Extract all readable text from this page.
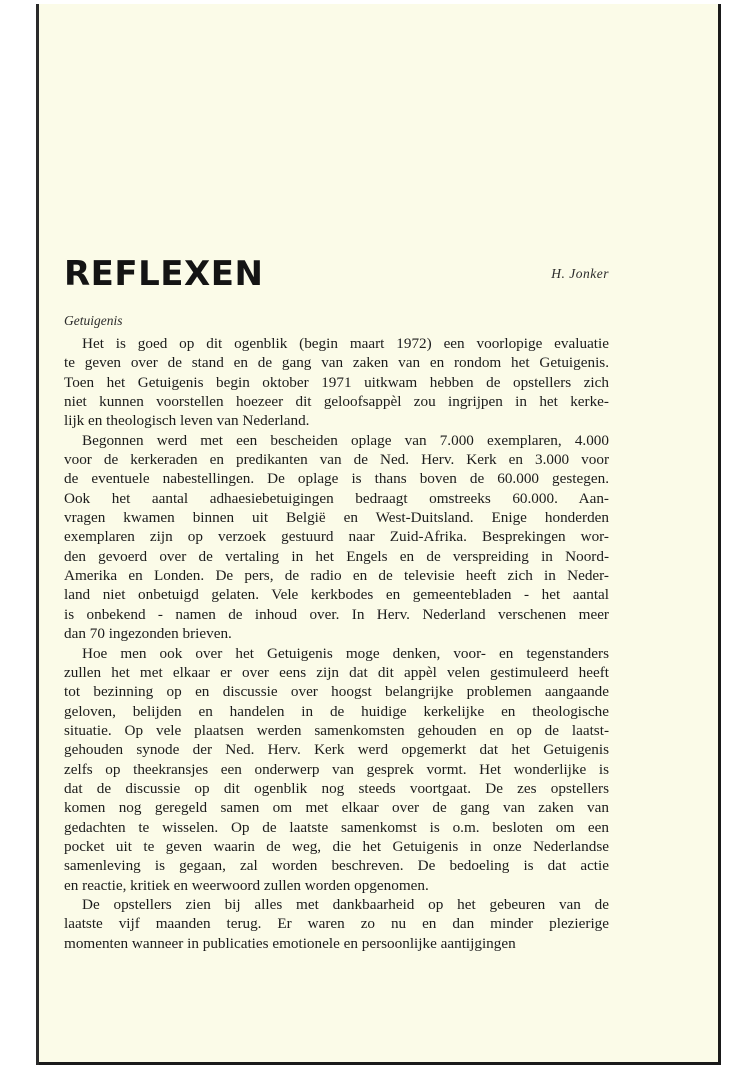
REFLEXEN	H. Jonker
Getuigenis
Het is goed op dit ogenblik (begin maart 1972) een voorlopige evaluatie
te geven over de stand en de gang van zaken van en rondom het Getuigenis.
Toen het Getuigenis begin oktober 1971 uitkwam hebben de opstellers zich
niet kunnen voorstellen hoezeer dit geloofsappèl zou ingrijpen in het kerke-
lijk en theologisch leven van Nederland.
Begonnen werd met een bescheiden oplage van 7.000 exemplaren, 4.000
voor de kerkeraden en predikanten van de Ned. Herv. Kerk en 3.000 voor
de eventuele nabestellingen. De oplage is thans boven de 60.000 gestegen.
Ook het aantal adhaesiebetuigingen bedraagt omstreeks 60.000. Aan-
vragen kwamen binnen uit België en West-Duitsland. Enige honderden
exemplaren zijn op verzoek gestuurd naar Zuid-Afrika. Besprekingen wor-
den gevoerd over de vertaling in het Engels en de verspreiding in Noord-
Amerika en Londen. De pers, de radio en de televisie heeft zich in Neder-
land niet onbetuigd gelaten. Vele kerkbodes en gemeentebladen - het aantal
is onbekend - namen de inhoud over. In Herv. Nederland verschenen meer
dan 70 ingezonden brieven.
Hoe men ook over het Getuigenis moge denken, voor- en tegenstanders
zullen het met elkaar er over eens zijn dat dit appèl velen gestimuleerd heeft
tot bezinning op en discussie over hoogst belangrijke problemen aangaande
geloven, belijden en handelen in de huidige kerkelijke en theologische
situatie. Op vele plaatsen werden samenkomsten gehouden en op de laatst-
gehouden synode der Ned. Herv. Kerk werd opgemerkt dat het Getuigenis
zelfs op theekransjes een onderwerp van gesprek vormt. Het wonderlijke is
dat de discussie op dit ogenblik nog steeds voortgaat. De zes opstellers
komen nog geregeld samen om met elkaar over de gang van zaken van
gedachten te wisselen. Op de laatste samenkomst is o.m. besloten om een
pocket uit te geven waarin de weg, die het Getuigenis in onze Nederlandse
samenleving is gegaan, zal worden beschreven. De bedoeling is dat actie
en reactie, kritiek en weerwoord zullen worden opgenomen.
De opstellers zien bij alles met dankbaarheid op het gebeuren van de
laatste vijf maanden terug. Er waren zo nu en dan minder plezierige
momenten wanneer in publicaties emotionele en persoonlijke aantijgingen
